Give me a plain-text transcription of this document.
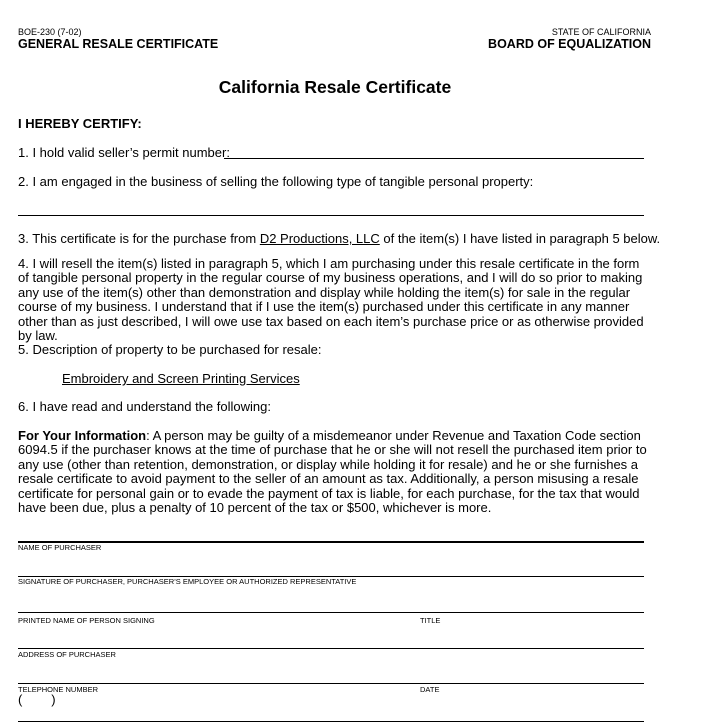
BOE-230 (7-02)
GENERAL RESALE CERTIFICATE
STATE OF CALIFORNIA
BOARD OF EQUALIZATION
California Resale Certificate
I HEREBY CERTIFY:
1. I hold valid seller’s permit number:
2. I am engaged in the business of selling the following type of tangible personal property:
3. This certificate is for the purchase from D2 Productions, LLC of the item(s) I have listed in paragraph 5 below.
4. I will resell the item(s) listed in paragraph 5, which I am purchasing under this resale certificate in the form of tangible personal property in the regular course of my business operations, and I will do so prior to making any use of the item(s) other than demonstration and display while holding the item(s) for sale in the regular course of my business. I understand that if I use the item(s) purchased under this certificate in any manner other than as just described, I will owe use tax based on each item’s purchase price or as otherwise provided by law.
5. Description of property to be purchased for resale:
Embroidery and Screen Printing Services
6. I have read and understand the following:
For Your Information: A person may be guilty of a misdemeanor under Revenue and Taxation Code section 6094.5 if the purchaser knows at the time of purchase that he or she will not resell the purchased item prior to any use (other than retention, demonstration, or display while holding it for resale) and he or she furnishes a resale certificate to avoid payment to the seller of an amount as tax. Additionally, a person misusing a resale certificate for personal gain or to evade the payment of tax is liable, for each purchase, for the tax that would have been due, plus a penalty of 10 percent of the tax or $500, whichever is more.
NAME OF PURCHASER
SIGNATURE OF PURCHASER, PURCHASER’S EMPLOYEE OR AUTHORIZED REPRESENTATIVE
PRINTED NAME OF PERSON SIGNING	TITLE
ADDRESS OF PURCHASER
TELEPHONE NUMBER	DATE
(        )
